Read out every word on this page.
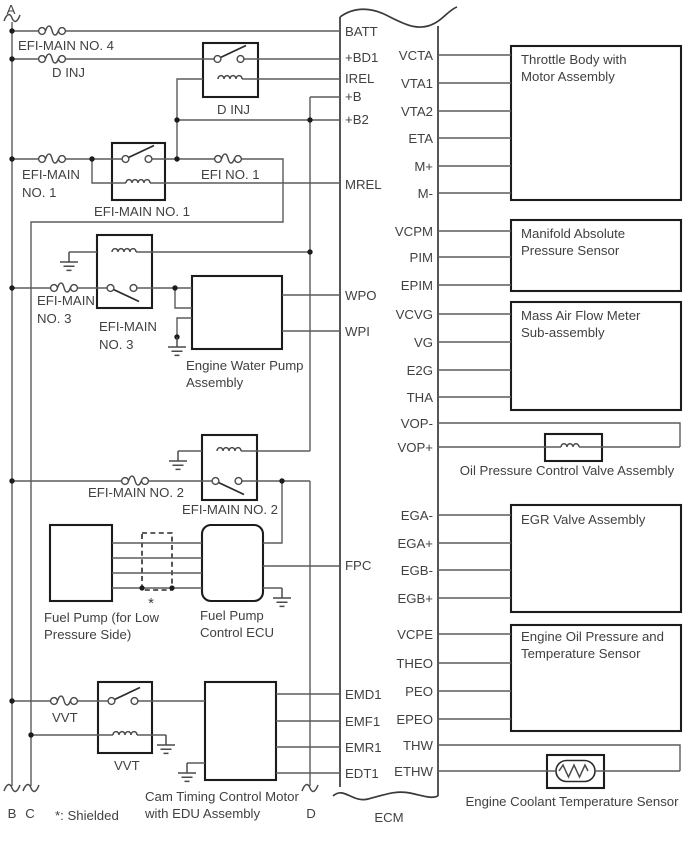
A
B C	D
*: Shielded
*
ECM
BATT
+BD1
IREL
+B
+B2
MREL
WPO
WPI
FPC
EMD1
EMF1
EMR1
EDT1
VCTA
VTA1
VTA2
ETA
M+
M-
VCPM
PIM
EPIM
VCVG
VG
E2G
THA
VOP-
VOP+
EGA-
EGA+
EGB-
EGB+
VCPE
THEO
PEO
EPEO
THW
ETHW
EFI-MAIN NO. 4
D INJ
EFI-MAIN
NO. 1
EFI NO. 1
EFI-MAIN
NO. 3
EFI-MAIN NO. 2
VVT
D INJ
EFI-MAIN NO. 1
EFI-MAIN
NO. 3
EFI-MAIN NO. 2
VVT
Engine Water Pump
Assembly
Fuel Pump (for Low
Pressure Side)
Fuel Pump
Control ECU
Cam Timing Control Motor
with EDU Assembly
Throttle Body with
Motor Assembly
Manifold Absolute
Pressure Sensor
Mass Air Flow Meter
Sub-assembly
Oil Pressure Control Valve Assembly
EGR Valve Assembly
Engine Oil Pressure and
Temperature Sensor
Engine Coolant Temperature Sensor
